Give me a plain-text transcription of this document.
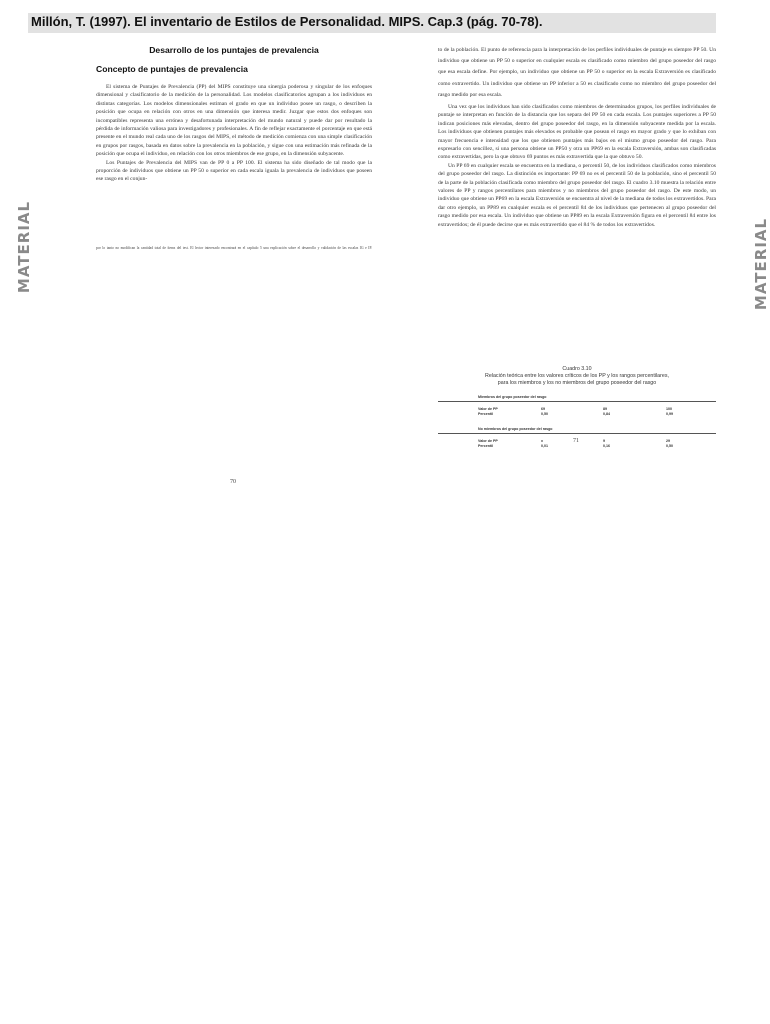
Millón, T. (1997). El inventario de Estilos de Personalidad. MIPS. Cap.3 (pág. 70-78).
MATERIAL	MATERIAL
Desarrollo de los puntajes de prevalencia
Concepto de puntajes de prevalencia

El sistema de Puntajes de Prevalencia (PP) del MIPS constituye una sinergia poderosa y singular de los enfoques dimensional y clasificatorio de la medición de la personalidad. Los modelos clasificatorios agrupan a los individuos en distintas categorías. Los modelos dimensionales estiman el grado en que un individuo posee un rasgo, o describen la posición que ocupa en relación con otros en una dimensión que interesa medir. Juzgar que estos dos enfoques son incompatibles representa una errónea y desafortunada interpretación del mundo natural y puede dar por resultado la pérdida de información valiosa para investigadores y profesionales. A fin de reflejar exactamente el porcentaje en que está presente en el mundo real cada uno de los rasgos del MIPS, el método de medición comienza con una simple clasificación en grupos por rasgos, basada en datos sobre la prevalencia en la población, y sigue con una estimación más refinada de la posición que ocupa el individuo, en relación con los otros miembros de ese grupo, en la dimensión subyacente.

Los Puntajes de Prevalencia del MIPS van de PP 0 a PP 100. El sistema ha sido diseñado de tal modo que la proporción de individuos que obtiene un PP 50 o superior en cada escala iguala la prevalencia de individuos que poseen ese rasgo en el conjun-

por lo tanto no modifican la cantidad total de ítems del test. El lector interesado encontrará en el capítulo 5 una explicación sobre el desarrollo y validación de las escalas IG e IP.
70

to de la población. El punto de referencia para la interpretación de los perfiles individuales de puntaje es siempre PP 50. Un individuo que obtiene un PP 50 o superior en cualquier escala es clasificado como miembro del grupo poseedor del rasgo que esa escala define. Por ejemplo, un individuo que obtiene un PP 50 o superior en la escala Extraversión es clasificado como extravertido. Un individuo que obtiene un PP inferior a 50 es clasificado como no miembro del grupo poseedor del rasgo medido por esa escala.

Una vez que los individuos han sido clasificados como miembros de determinados grupos, los perfiles individuales de puntaje se interpretan en función de la distancia que los separa del PP 50 en cada escala. Los puntajes superiores a PP 50 indican posiciones más elevadas, dentro del grupo poseedor del rasgo, en la dimensión subyacente medida por la escala. Los individuos que obtienen puntajes más elevados es probable que posean el rasgo en mayor grado y que lo exhiban con mayor frecuencia e intensidad que los que obtienen puntajes más bajos en el mismo grupo poseedor del rasgo. Para expresarlo con sencillez, si una persona obtiene un PP50 y otra un PP69 en la escala Extraversión, ambas son clasificadas como extravertidas, pero la que obtuvo 69 puntos es más extravertida que la que obtuvo 50.

Un PP 69 en cualquier escala se encuentra en la mediana, o percentil 50, de los individuos clasificados como miembros del grupo poseedor del rasgo. La distinción es importante: PP 69 no es el percentil 50 de la población, sino el percentil 50 de la parte de la población clasificada como miembro del grupo poseedor del rasgo. El cuadro 3.10 muestra la relación entre valores de PP y rangos percentilares para miembros y no miembros del grupo poseedor del rasgo. De este modo, un individuo que obtiene un PP69 en la escala Extraversión se encuentra al nivel de la mediana de todos los extravertidos. Para dar otro ejemplo, un PP89 en cualquier escala es el percentil 84 de los individuos que pertenecen al grupo poseedor del rasgo medido por esa escala. Un individuo que obtiene un PP89 en la escala Extraversión figura en el percentil 84 entre los extravertidos; de él puede decirse que es más extravertido que el 84 % de todos los extravertidos.

Cuadro 3.10
Relación teórica entre los valores críticos de los PP y los rangos percentilares,
para los miembros y los no miembros del grupo poseedor del rasgo
Miembros del grupo poseedor del rasgo
Valor de PP	69	89	100
Percentil	0,50	0,84	0,99
No miembros del grupo poseedor del rasgo
Valor de PP	x	9	29
Percentil	0,01	0,16	0,50
71
